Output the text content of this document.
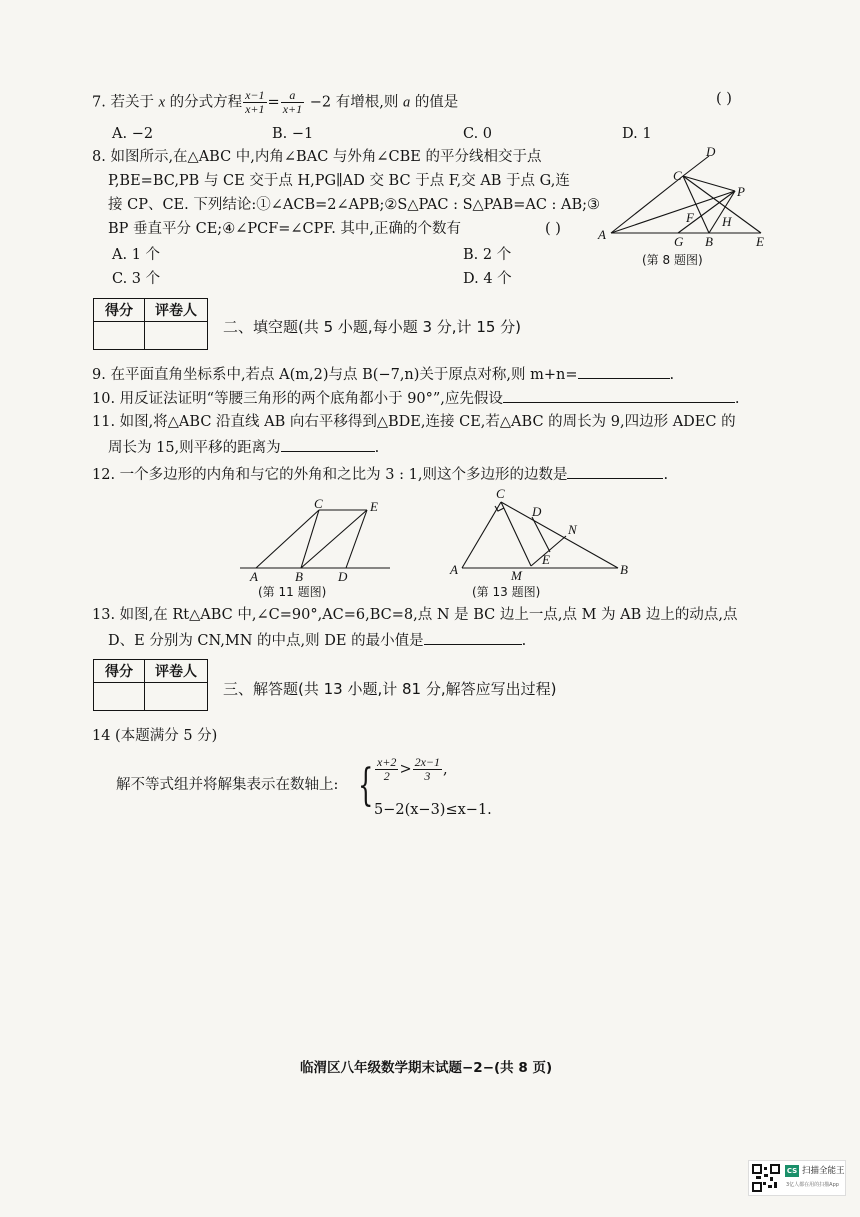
7. 若关于 x 的分式方程 $\frac{x-1}{x+1} = \frac{a}{x+1} -2$ 有增根,则 a 的值是	( )
A. −2	B. −1	C. 0	D. 1
8. 如图所示,在△ABC 中,内角∠BAC 与外角∠CBE 的平分线相交于点
P,BE=BC,PB 与 CE 交于点 H,PG∥AD 交 BC 于点 F,交 AB 于点 G,连
接 CP、CE. 下列结论:①∠ACB=2∠APB;②S△PAC : S△PAB=AC : AB;③
BP 垂直平分 CE;④∠PCF=∠CPF. 其中,正确的个数有	( )
A. 1 个	B. 2 个
C. 3 个	D. 4 个
D
C
P
F H
A	G B	E
(第 8 题图)
得分	评卷人

二、填空题(共 5 小题,每小题 3 分,计 15 分)
9. 在平面直角坐标系中,若点 A(m,2)与点 B(−7,n)关于原点对称,则 m+n=	.
10. 用反证法证明“等腰三角形的两个底角都小于 90°”,应先假设	.
11. 如图,将△ABC 沿直线 AB 向右平移得到△BDE,连接 CE,若△ABC 的周长为 9,四边形 ADEC 的
周长为 15,则平移的距离为	.
12. 一个多边形的内角和与它的外角和之比为 3 : 1,则这个多边形的边数是	.
C	E
A	B	D
(第 11 题图)
C
D
N
E
A	M	B
(第 13 题图)
13. 如图,在 Rt△ABC 中,∠C=90°,AC=6,BC=8,点 N 是 BC 边上一点,点 M 为 AB 边上的动点,点
D、E 分别为 CN,MN 的中点,则 DE 的最小值是	.
得分	评卷人

三、解答题(共 13 小题,计 81 分,解答应写出过程)
14 (本题满分 5 分)
解不等式组并将解集表示在数轴上: { $\frac{x+2}{2} > \frac{2x-1}{3}$ ,
5−2(x−3)≤x−1.
临渭区八年级数学期末试题−2−(共 8 页)
CS 扫描全能王
3亿人都在用的扫描App
